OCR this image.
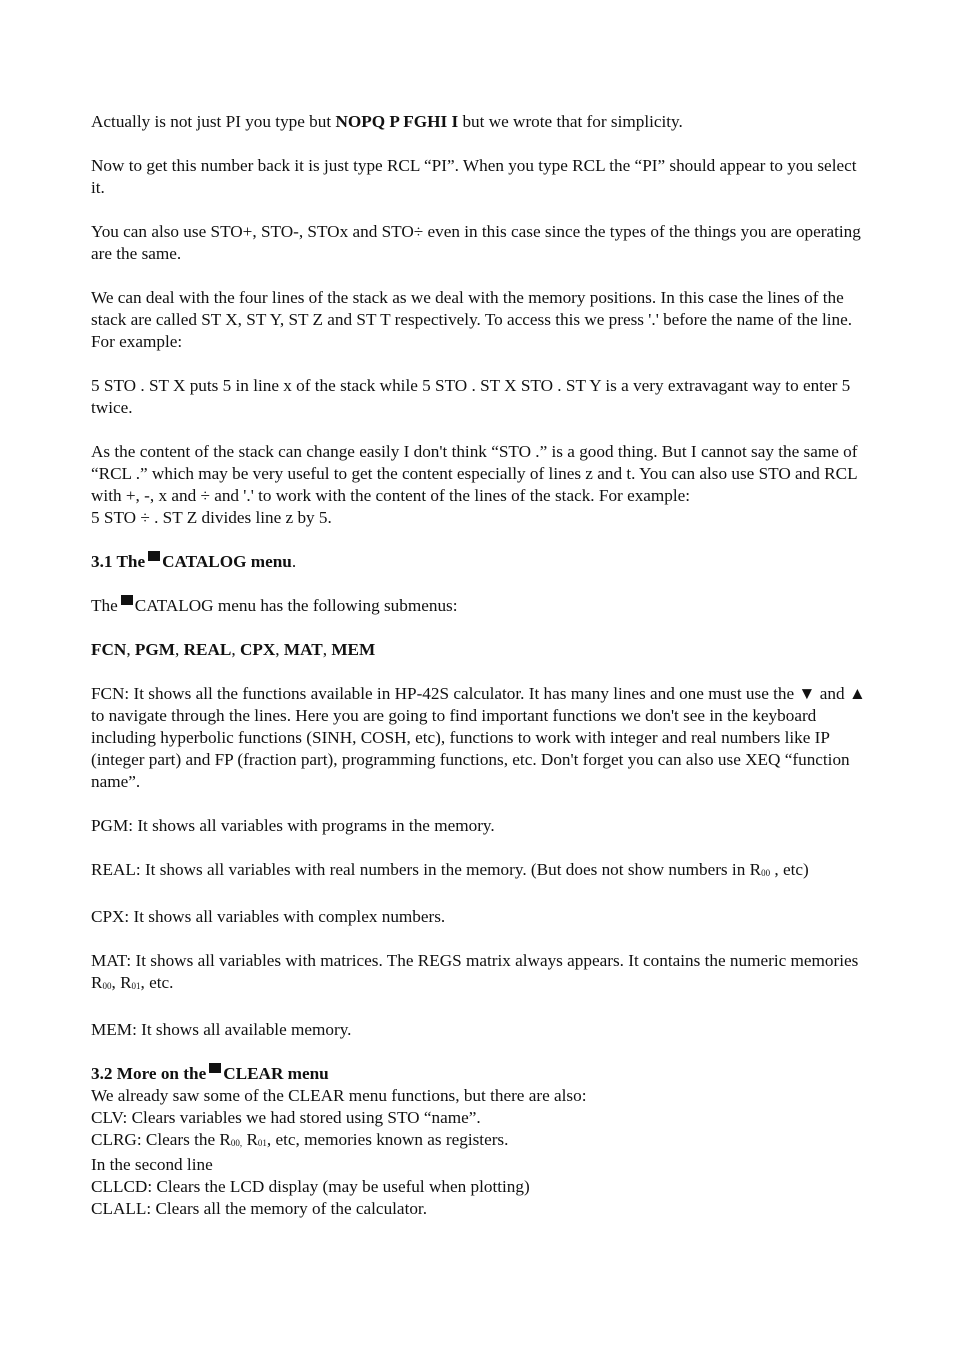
Actually is not just PI you type but NOPQ P FGHI I but we wrote that for simplicity.

Now to get this number back it is just type RCL “PI”. When you type RCL the “PI” should appear to you select it.

You can also use STO+, STO-, STOx and STO÷ even in this case since the types of the things you are operating are the same.

We can deal with the four lines of the stack as we deal with the memory positions. In this case the lines of the stack are called ST X, ST Y, ST Z and ST T respectively. To access this we press '.' before the name of the line. For example:

5 STO . ST X puts 5 in line x of the stack while 5 STO . ST X STO . ST Y is a very extravagant way to enter 5 twice.

As the content of the stack can change easily I don't think “STO .” is a good thing. But I cannot say the same of “RCL .” which may be very useful to get the content especially of lines z and t. You can also use STO and RCL with +, -, x and ÷ and '.' to work with the content of the lines of the stack. For example:

5 STO ÷ . ST Z divides line z by 5.

3.1 The CATALOG menu.

The CATALOG menu has the following submenus:

FCN, PGM, REAL, CPX, MAT, MEM

FCN: It shows all the functions available in HP-42S calculator. It has many lines and one must use the ▼ and ▲ to navigate through the lines. Here you are going to find important functions we don't see in the keyboard including hyperbolic functions (SINH, COSH, etc), functions to work with integer and real numbers like IP (integer part) and FP (fraction part), programming functions, etc. Don't forget you can also use XEQ “function name”.

PGM: It shows all variables with programs in the memory.

REAL: It shows all variables with real numbers in the memory. (But does not show numbers in R00 , etc)

CPX: It shows all variables with complex numbers.

MAT: It shows all variables with matrices. The REGS matrix always appears. It contains the numeric memories R00, R01, etc.

MEM: It shows all available memory.

3.2 More on the CLEAR menu

We already saw some of the CLEAR menu functions, but there are also:

CLV: Clears variables we had stored using STO “name”.

CLRG: Clears the R00, R01, etc, memories known as registers.

In the second line

CLLCD: Clears the LCD display (may be useful when plotting)

CLALL: Clears all the memory of the calculator.
